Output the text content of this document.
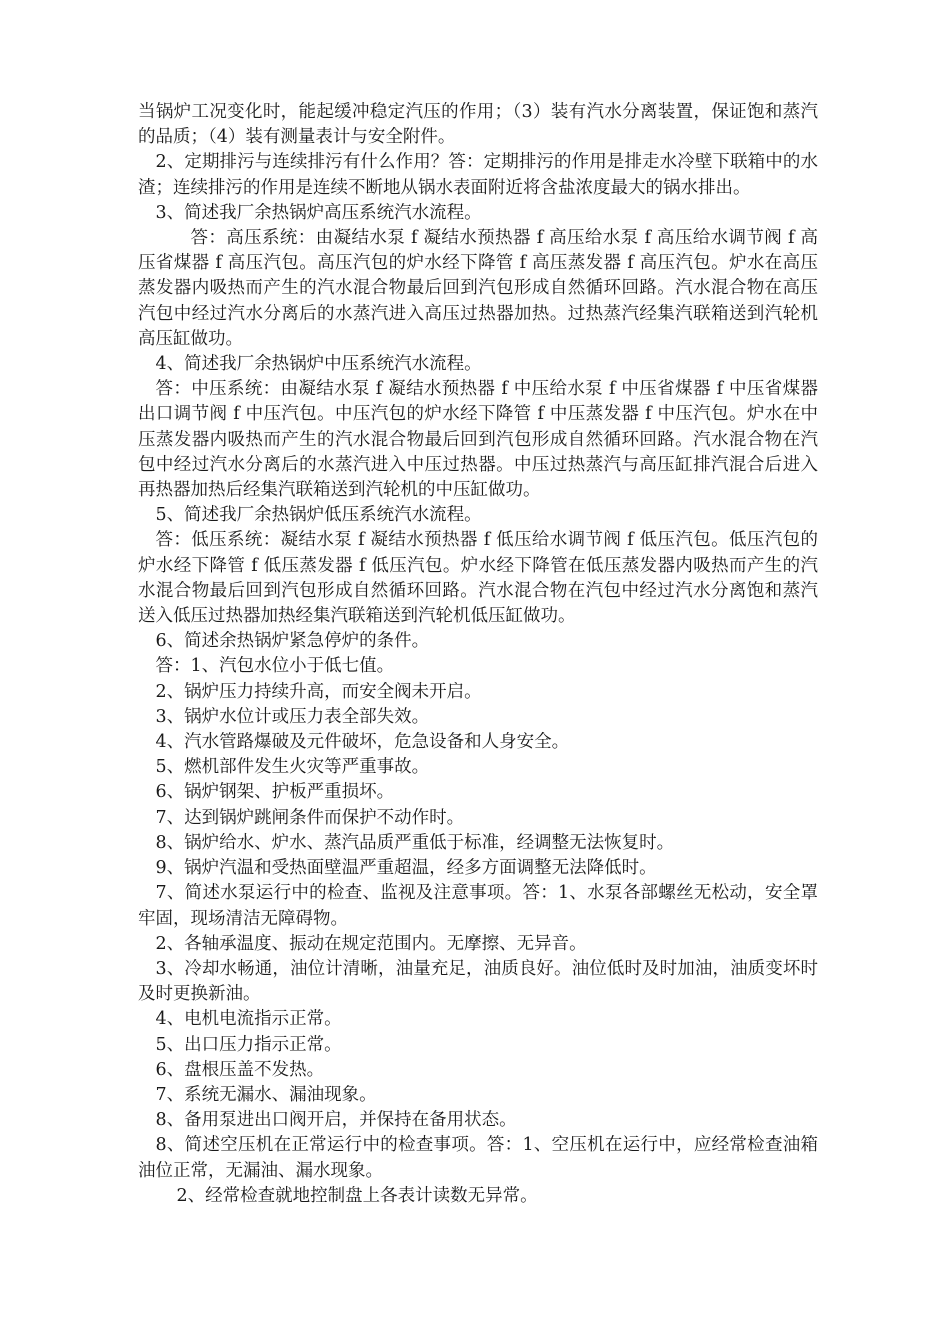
当锅炉工况变化时，能起缓冲稳定汽压的作用；（3）装有汽水分离装置，保证饱和蒸汽的品质；（4）装有测量表计与安全附件。

2、定期排污与连续排污有什么作用？答：定期排污的作用是排走水冷壁下联箱中的水渣；连续排污的作用是连续不断地从锅水表面附近将含盐浓度最大的锅水排出。

3、简述我厂余热锅炉高压系统汽水流程。

答：高压系统：由凝结水泵 f 凝结水预热器 f 高压给水泵 f 高压给水调节阀 f 高压省煤器 f 高压汽包。高压汽包的炉水经下降管 f 高压蒸发器 f 高压汽包。炉水在高压蒸发器内吸热而产生的汽水混合物最后回到汽包形成自然循环回路。汽水混合物在高压汽包中经过汽水分离后的水蒸汽进入高压过热器加热。过热蒸汽经集汽联箱送到汽轮机高压缸做功。

4、简述我厂余热锅炉中压系统汽水流程。

答：中压系统：由凝结水泵 f 凝结水预热器 f 中压给水泵 f 中压省煤器 f 中压省煤器出口调节阀 f 中压汽包。中压汽包的炉水经下降管 f 中压蒸发器 f 中压汽包。炉水在中压蒸发器内吸热而产生的汽水混合物最后回到汽包形成自然循环回路。汽水混合物在汽包中经过汽水分离后的水蒸汽进入中压过热器。中压过热蒸汽与高压缸排汽混合后进入再热器加热后经集汽联箱送到汽轮机的中压缸做功。

5、简述我厂余热锅炉低压系统汽水流程。

答：低压系统：凝结水泵 f 凝结水预热器 f 低压给水调节阀 f 低压汽包。低压汽包的炉水经下降管 f 低压蒸发器 f 低压汽包。炉水经下降管在低压蒸发器内吸热而产生的汽水混合物最后回到汽包形成自然循环回路。汽水混合物在汽包中经过汽水分离饱和蒸汽送入低压过热器加热经集汽联箱送到汽轮机低压缸做功。

6、简述余热锅炉紧急停炉的条件。

答：1、汽包水位小于低七值。

2、锅炉压力持续升高，而安全阀未开启。

3、锅炉水位计或压力表全部失效。

4、汽水管路爆破及元件破坏，危急设备和人身安全。

5、燃机部件发生火灾等严重事故。

6、锅炉钢架、护板严重损坏。

7、达到锅炉跳闸条件而保护不动作时。

8、锅炉给水、炉水、蒸汽品质严重低于标准，经调整无法恢复时。

9、锅炉汽温和受热面壁温严重超温，经多方面调整无法降低时。

7、简述水泵运行中的检查、监视及注意事项。答：1、水泵各部螺丝无松动，安全罩牢固，现场清洁无障碍物。

2、各轴承温度、振动在规定范围内。无摩擦、无异音。

3、冷却水畅通，油位计清晰，油量充足，油质良好。油位低时及时加油，油质变坏时及时更换新油。

4、电机电流指示正常。

5、出口压力指示正常。

6、盘根压盖不发热。

7、系统无漏水、漏油现象。

8、备用泵进出口阀开启，并保持在备用状态。

8、简述空压机在正常运行中的检查事项。答：1、空压机在运行中，应经常检查油箱油位正常，无漏油、漏水现象。

2、经常检查就地控制盘上各表计读数无异常。
